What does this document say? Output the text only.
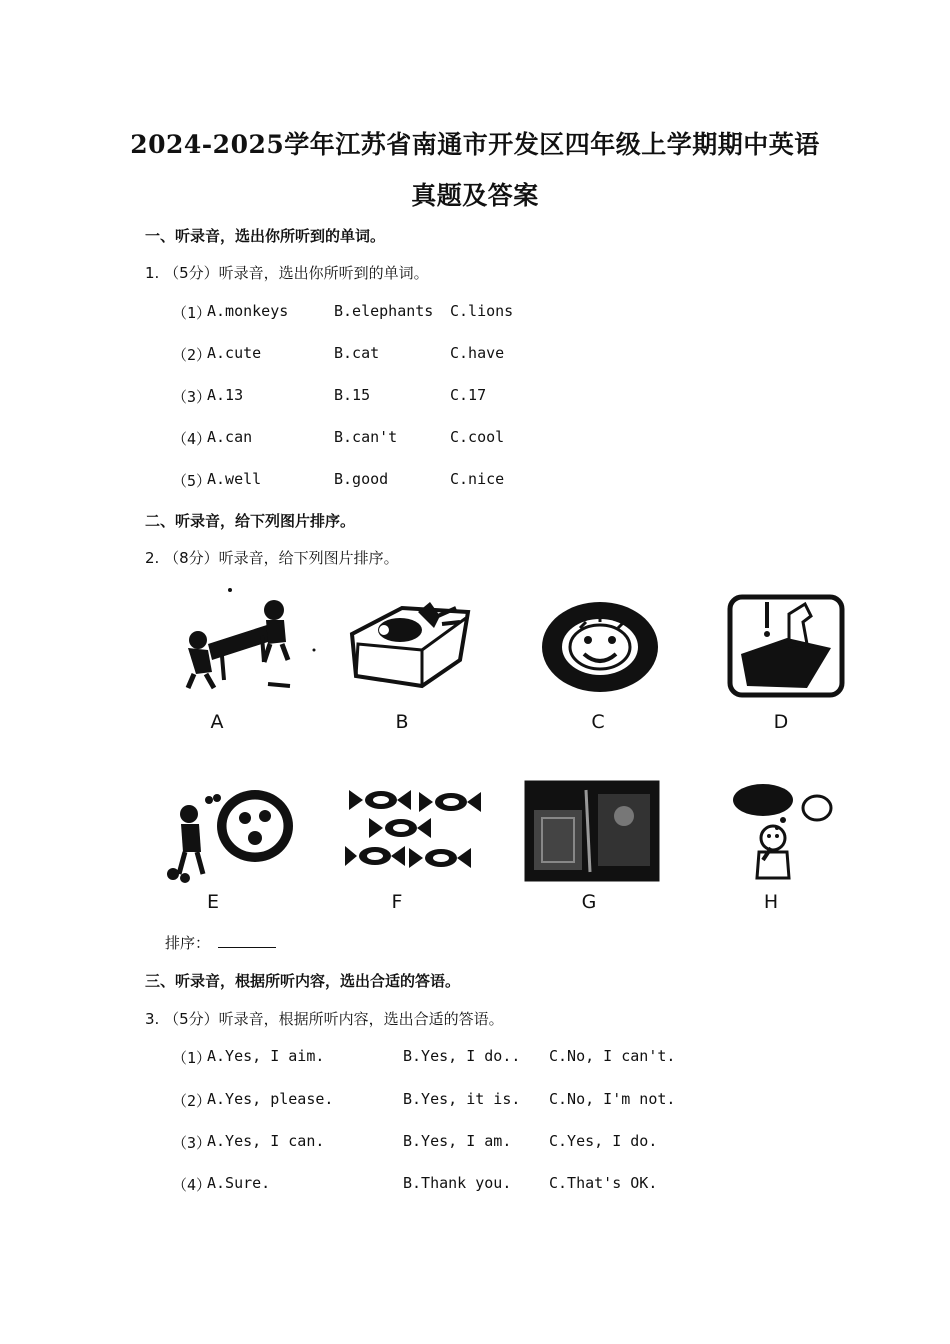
2024-2025学年江苏省南通市开发区四年级上学期期中英语
真题及答案
一、听录音，选出你所听到的单词。
1. （5分）听录音，选出你所听到的单词。
（1）
A.monkeys	B.elephants C.lions
（2）
A.cute	B.cat	C.have
（3）
A.13	B.15	C.17
（4）
A.can	B.can't	C.cool
（5）
A.well	B.good	C.nice
二、听录音，给下列图片排序。
2. （8分）听录音，给下列图片排序。
A	B	C	D
E	F	G	H
排序：
三、听录音，根据所听内容，选出合适的答语。
3. （5分）听录音，根据所听内容，选出合适的答语。
（1）
A.Yes, I aim.	B.Yes, I do.. C.No, I can't.
（2）
A.Yes, please.	B.Yes, it is. C.No, I'm not.
（3）
A.Yes, I can.	B.Yes, I am.	C.Yes, I do.
（4）
A.Sure.	B.Thank you.	C.That's OK.
